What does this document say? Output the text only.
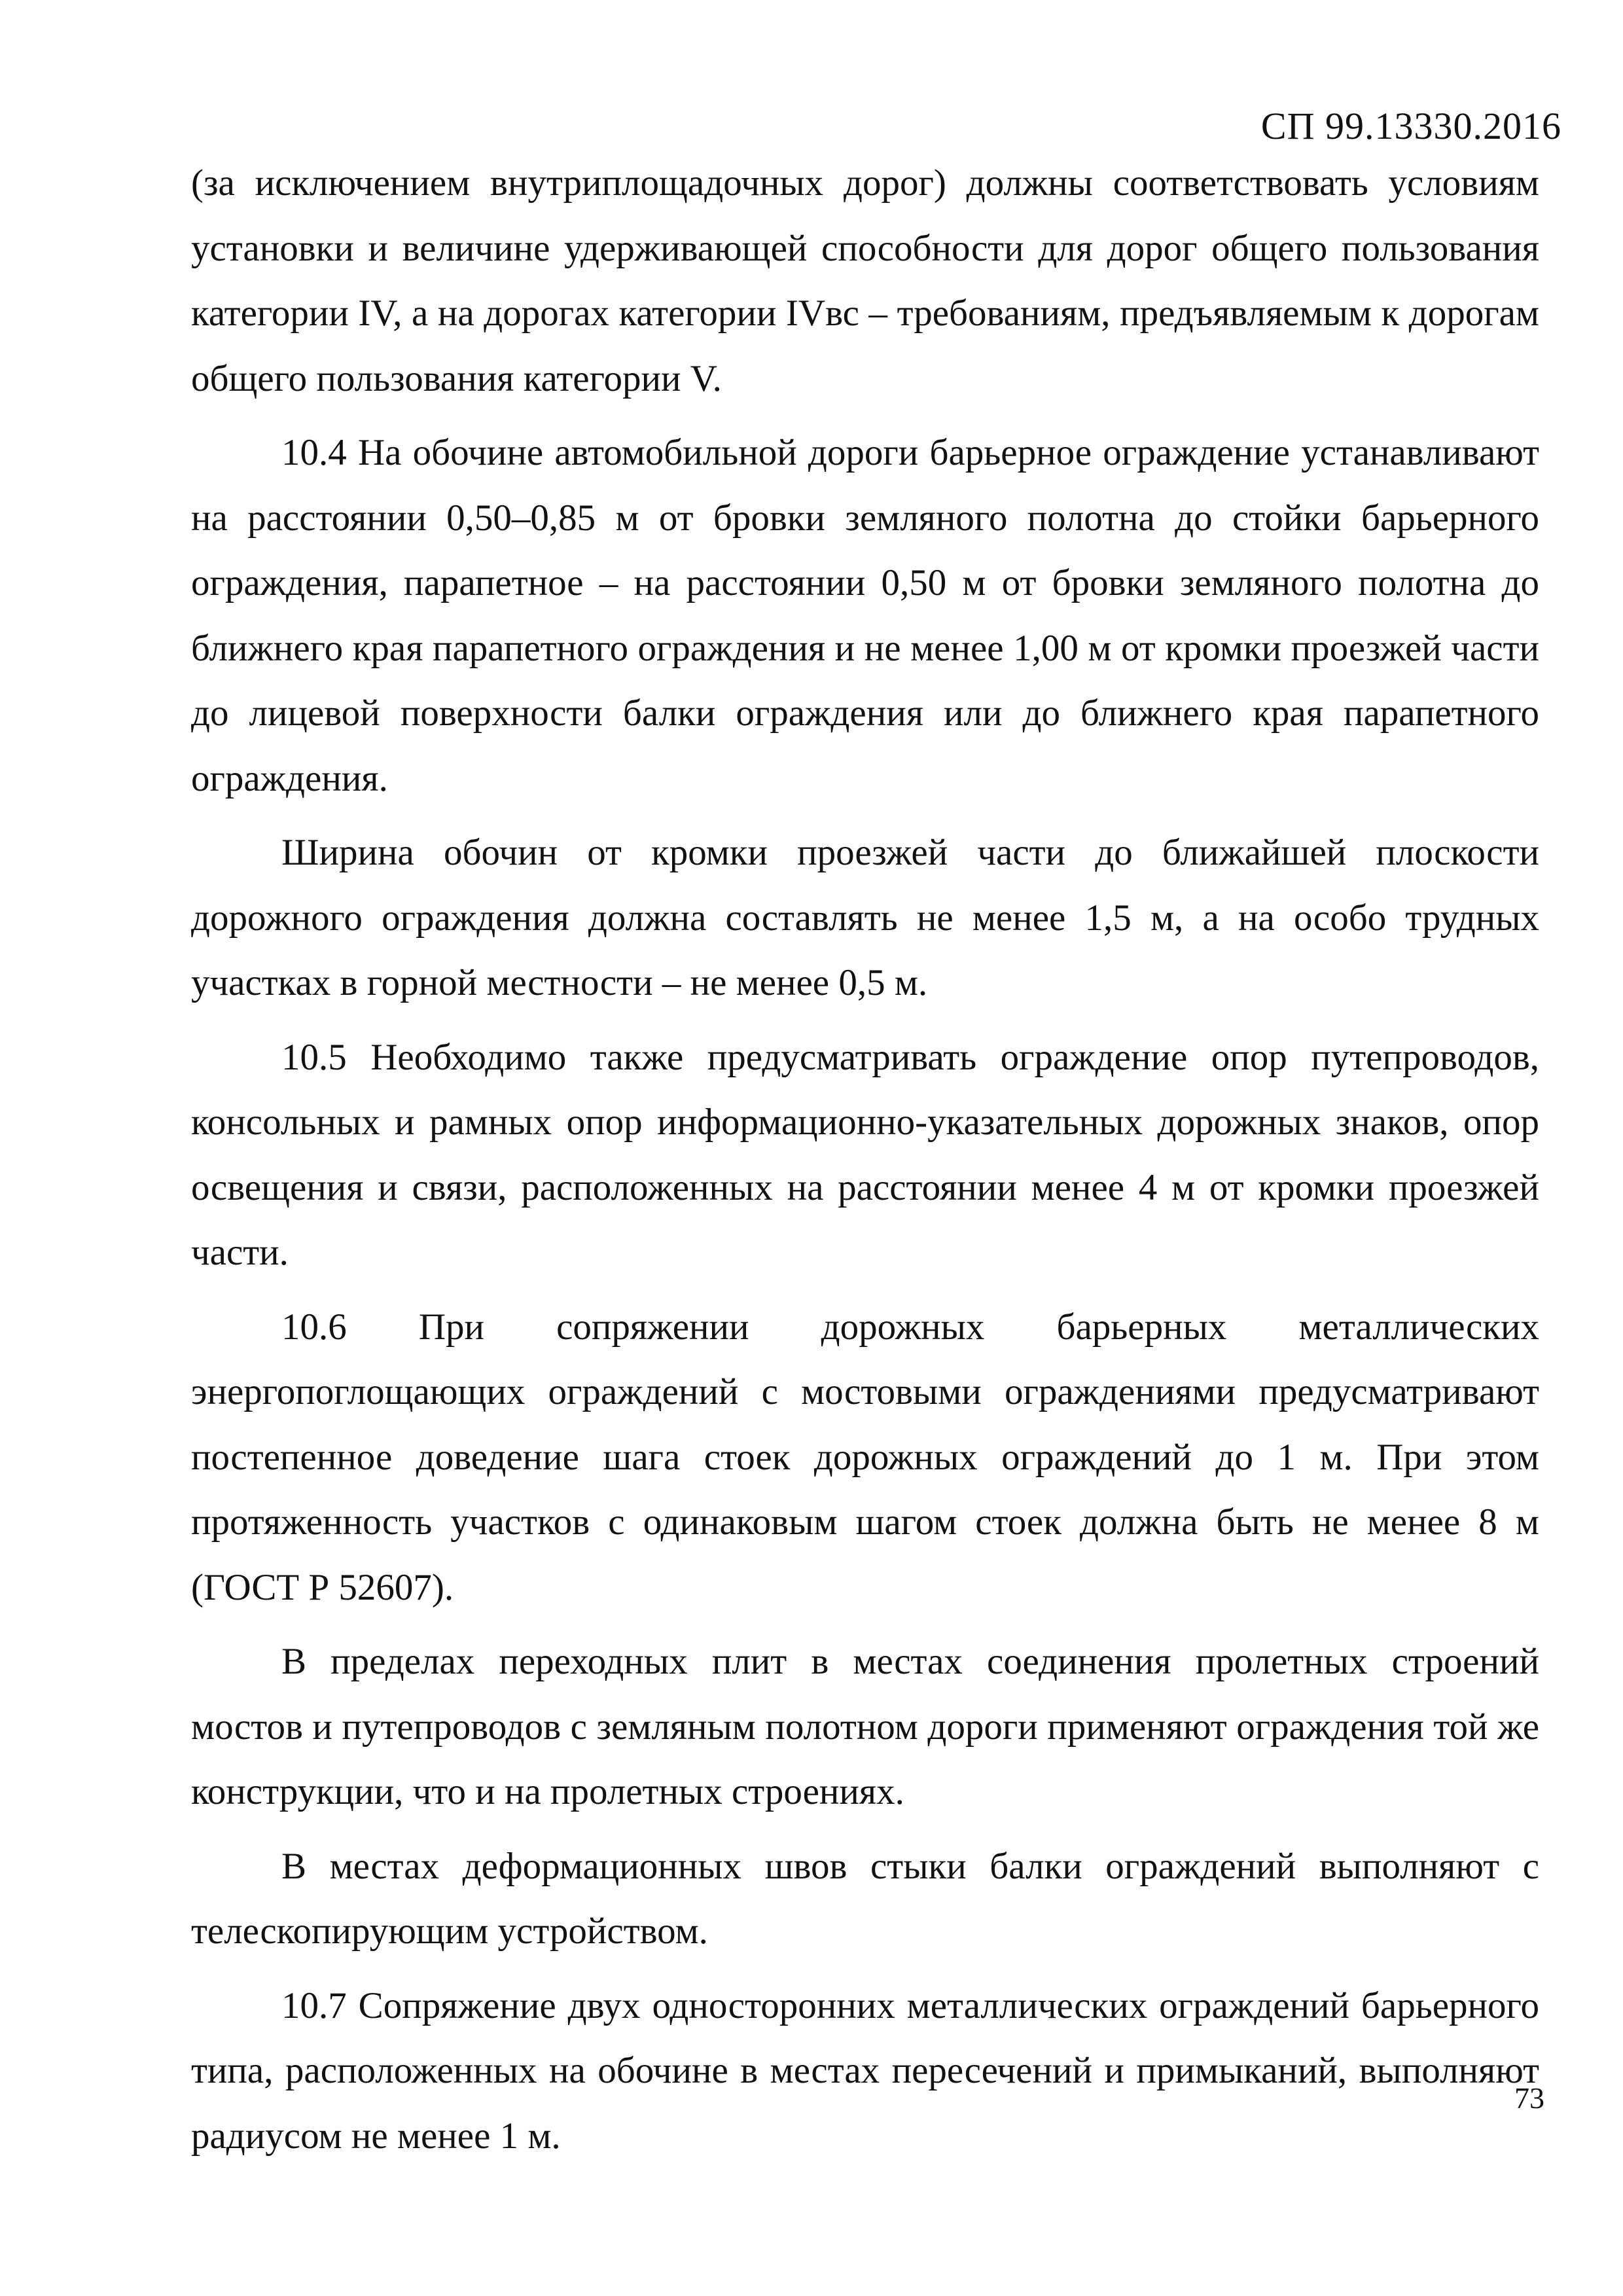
СП 99.13330.2016

(за исключением внутриплощадочных дорог) должны соответствовать условиям установки и величине удерживающей способности для дорог общего пользования категории IV, а на дорогах категории IVвс – требованиям, предъявляемым к дорогам общего пользования категории V.

10.4 На обочине автомобильной дороги барьерное ограждение устанавливают на расстоянии 0,50–0,85 м от бровки земляного полотна до стойки барьерного ограждения, парапетное – на расстоянии 0,50 м от бровки земляного полотна до ближнего края парапетного ограждения и не менее 1,00 м от кромки проезжей части до лицевой поверхности балки ограждения или до ближнего края парапетного ограждения.

Ширина обочин от кромки проезжей части до ближайшей плоскости дорожного ограждения должна составлять не менее 1,5 м, а на особо трудных участках в горной местности – не менее 0,5 м.

10.5 Необходимо также предусматривать ограждение опор путепроводов, консольных и рамных опор информационно-указательных дорожных знаков, опор освещения и связи, расположенных на расстоянии менее 4 м от кромки проезжей части.

10.6 При сопряжении дорожных барьерных металлических энергопоглощающих ограждений с мостовыми ограждениями предусматривают постепенное доведение шага стоек дорожных ограждений до 1 м. При этом протяженность участков с одинаковым шагом стоек должна быть не менее 8 м (ГОСТ Р 52607).

В пределах переходных плит в местах соединения пролетных строений мостов и путепроводов с земляным полотном дороги применяют ограждения той же конструкции, что и на пролетных строениях.

В местах деформационных швов стыки балки ограждений выполняют с телескопирующим устройством.

10.7 Сопряжение двух односторонних металлических ограждений барьерного типа, расположенных на обочине в местах пересечений и примыканий, выполняют радиусом не менее 1 м.

73
